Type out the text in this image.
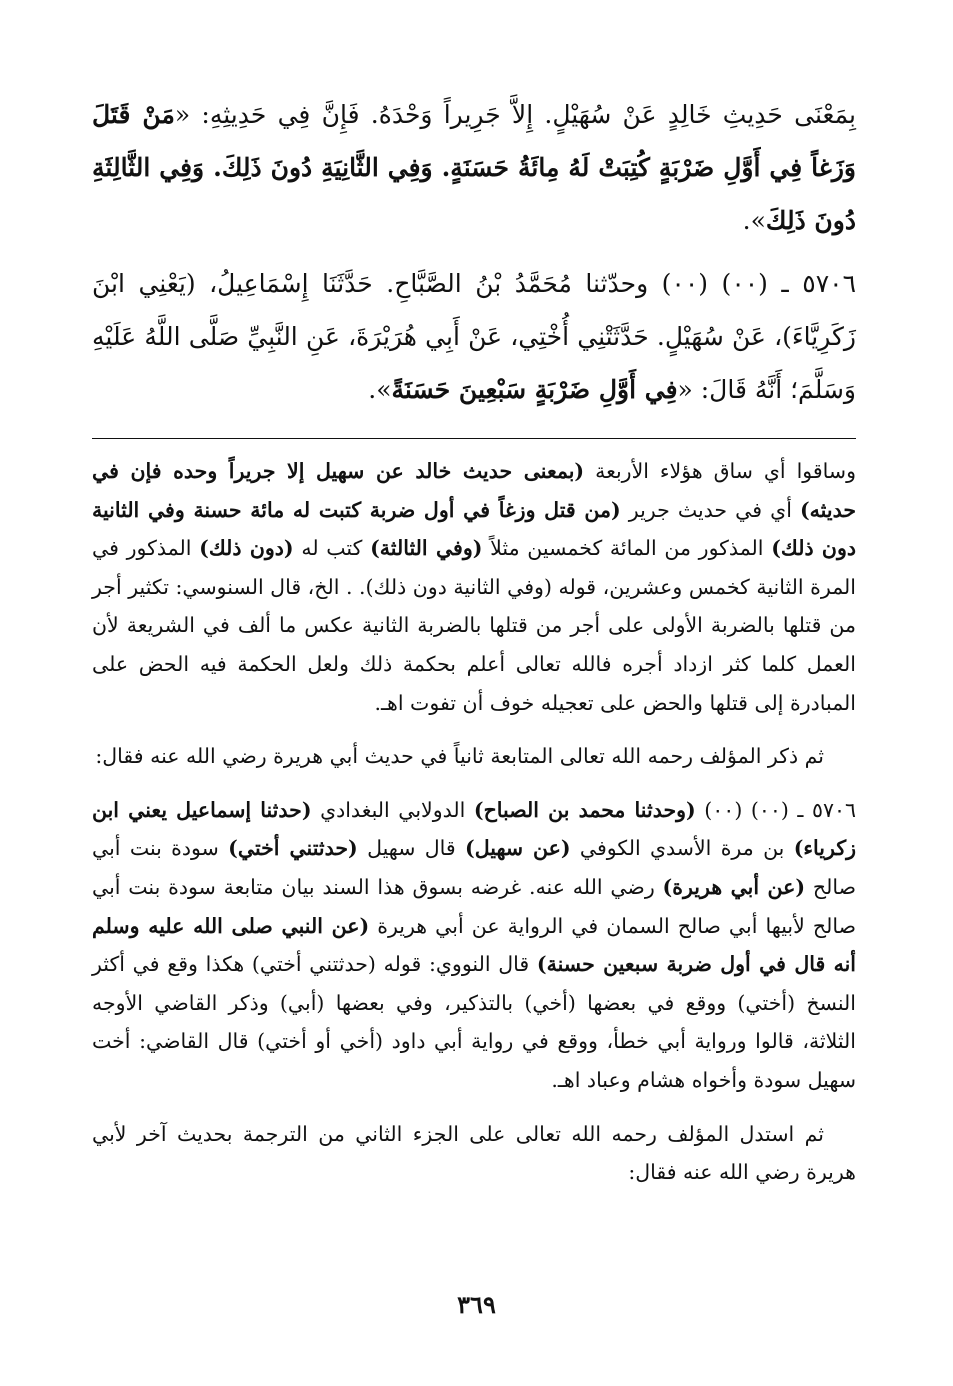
بِمَعْنَى حَدِيثِ خَالِدٍ عَنْ سُهَيْلٍ. إِلاَّ جَرِيراً وَحْدَهُ. فَإِنَّ فِي حَدِيثِهِ: «مَنْ قَتَلَ وَزَغاً فِي أَوَّلِ ضَرْبَةٍ كُتِبَتْ لَهُ مِائَةُ حَسَنَةٍ. وَفِي الثَّانِيَةِ دُونَ ذَلِكَ. وَفِي الثَّالِثَةِ دُونَ ذَلِكَ».

٥٧٠٦ ـ (٠٠) (٠٠) وحدّثنا مُحَمَّدُ بْنُ الصَّبَّاحِ. حَدَّثَنَا إِسْمَاعِيلُ، (يَعْنِي ابْنَ زَكَرِيَّاءَ)، عَنْ سُهَيْلٍ. حَدَّثَتْنِي أُخْتِي، عَنْ أَبِي هُرَيْرَةَ، عَنِ النَّبِيِّ صَلَّى اللَّهُ عَلَيْهِ وَسَلَّمَ؛ أَنَّهُ قَالَ: «فِي أَوَّلِ ضَرْبَةٍ سَبْعِينَ حَسَنَةً».

وساقوا أي ساق هؤلاء الأربعة (بمعنى حديث خالد عن سهيل إلا جريراً وحده فإن في حديثه) أي في حديث جرير (من قتل وزغاً في أول ضربة كتبت له مائة حسنة وفي الثانية دون ذلك) المذكور من المائة كخمسين مثلاً (وفي الثالثة) كتب له (دون ذلك) المذكور في المرة الثانية كخمس وعشرين، قوله (وفي الثانية دون ذلك). . الخ، قال السنوسي: تكثير أجر من قتلها بالضربة الأولى على أجر من قتلها بالضربة الثانية عكس ما ألف في الشريعة لأن العمل كلما كثر ازداد أجره فالله تعالى أعلم بحكمة ذلك ولعل الحكمة فيه الحض على المبادرة إلى قتلها والحض على تعجيله خوف أن تفوت اهـ.

ثم ذكر المؤلف رحمه الله تعالى المتابعة ثانياً في حديث أبي هريرة رضي الله عنه فقال:

٥٧٠٦ ـ (٠٠) (٠٠) (وحدثنا محمد بن الصباح) الدولابي البغدادي (حدثنا إسماعيل يعني ابن زكرياء) بن مرة الأسدي الكوفي (عن سهيل) قال سهيل (حدثتني أختي) سودة بنت أبي صالح (عن أبي هريرة) رضي الله عنه. غرضه بسوق هذا السند بيان متابعة سودة بنت أبي صالح لأبيها أبي صالح السمان في الرواية عن أبي هريرة (عن النبي صلى الله عليه وسلم أنه قال في أول ضربة سبعين حسنة) قال النووي: قوله (حدثتني أختي) هكذا وقع في أكثر النسخ (أختي) ووقع في بعضها (أخي) بالتذكير، وفي بعضها (أبي) وذكر القاضي الأوجه الثلاثة، قالوا ورواية أبي خطأ، ووقع في رواية أبي داود (أخي أو أختي) قال القاضي: أخت سهيل سودة وأخواه هشام وعباد اهـ.

ثم استدل المؤلف رحمه الله تعالى على الجزء الثاني من الترجمة بحديث آخر لأبي هريرة رضي الله عنه فقال:

٣٦٩
